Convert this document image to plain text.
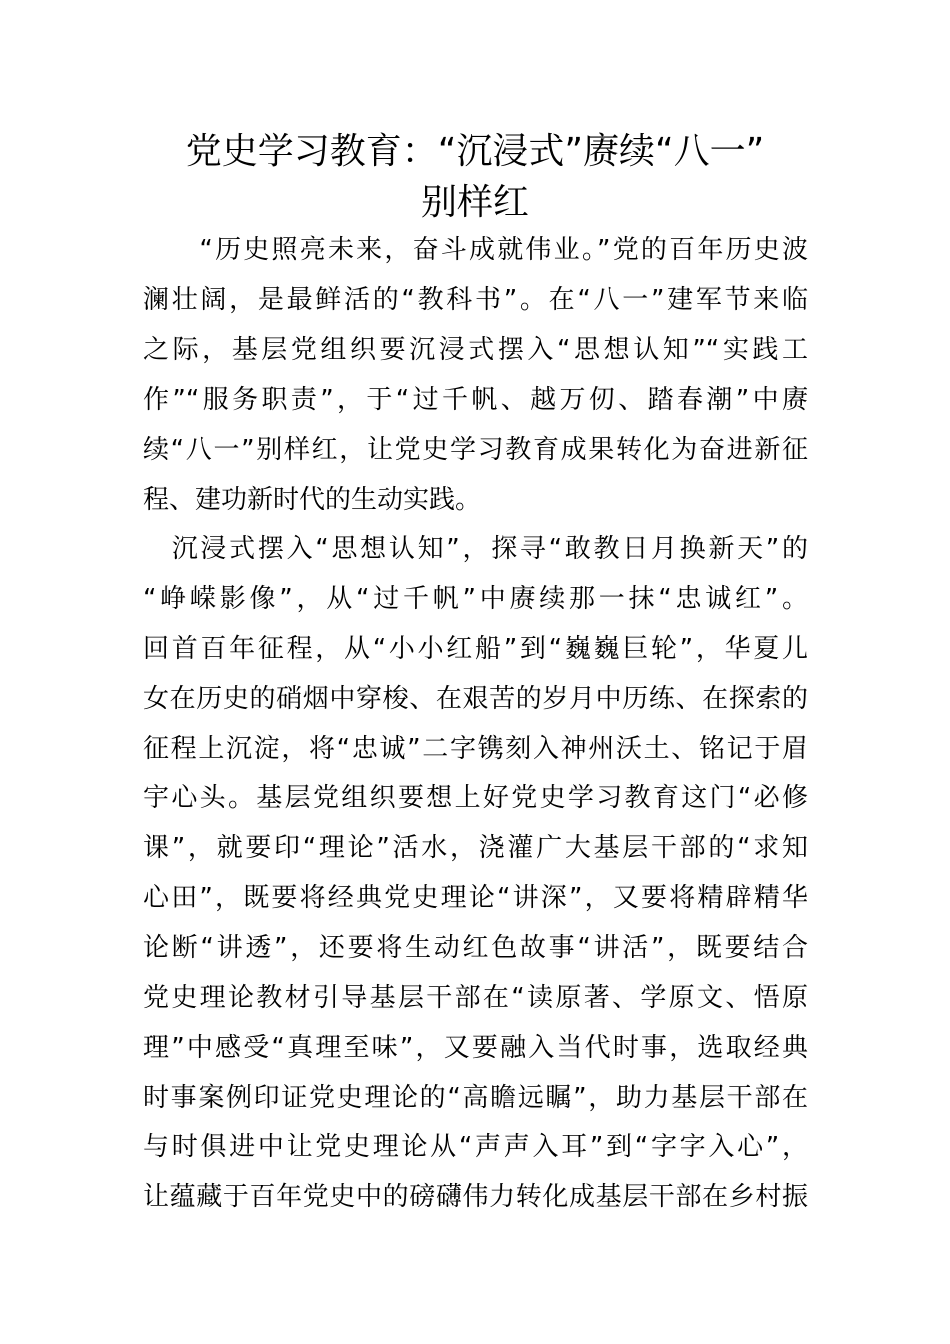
党史学习教育：“沉浸式”赓续“八一”
别样红

　　“历史照亮未来，奋斗成就伟业。”党的百年历史波

澜壮阔，是最鲜活的“教科书”。在“八一”建军节来临

之际，基层党组织要沉浸式摆入“思想认知”“实践工

作”“服务职责”，于“过千帆、越万仞、踏春潮”中赓

续“八一”别样红，让党史学习教育成果转化为奋进新征

程、建功新时代的生动实践。

　沉浸式摆入“思想认知”，探寻“敢教日月换新天”的

“峥嵘影像”，从“过千帆”中赓续那一抹“忠诚红”。

回首百年征程，从“小小红船”到“巍巍巨轮”，华夏儿

女在历史的硝烟中穿梭、在艰苦的岁月中历练、在探索的

征程上沉淀，将“忠诚”二字镌刻入神州沃土、铭记于眉

宇心头。基层党组织要想上好党史学习教育这门“必修

课”，就要印“理论”活水，浇灌广大基层干部的“求知

心田”，既要将经典党史理论“讲深”，又要将精辟精华

论断“讲透”，还要将生动红色故事“讲活”，既要结合

党史理论教材引导基层干部在“读原著、学原文、悟原

理”中感受“真理至味”，又要融入当代时事，选取经典

时事案例印证党史理论的“高瞻远瞩”，助力基层干部在

与时俱进中让党史理论从“声声入耳”到“字字入心”，

让蕴藏于百年党史中的磅礴伟力转化成基层干部在乡村振
